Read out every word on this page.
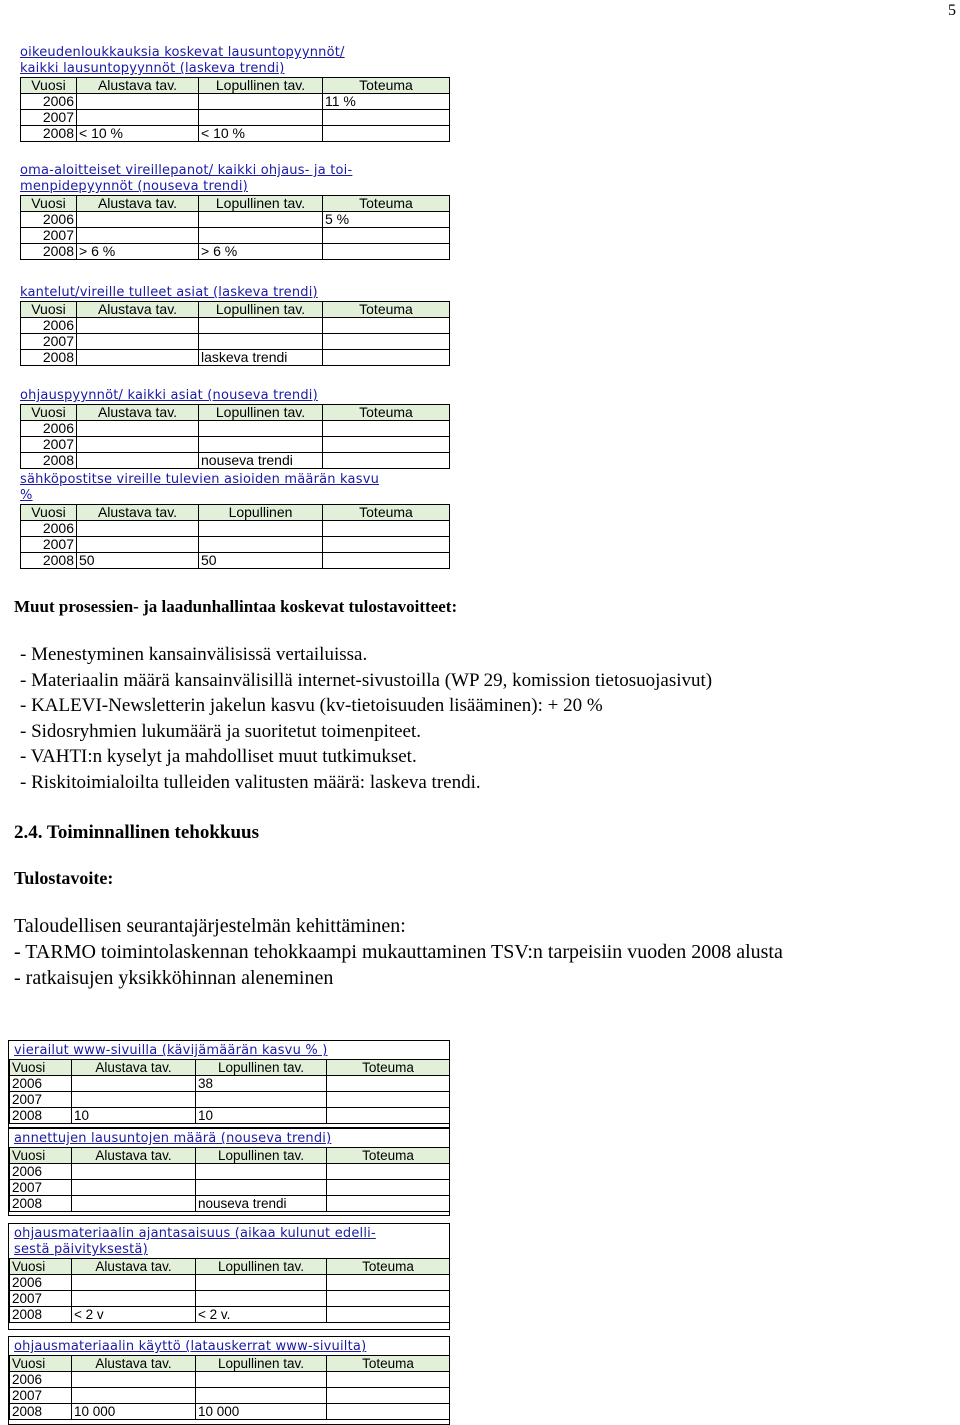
5
oikeudenloukkauksia koskevat lausuntopyynnöt/
kaikki lausuntopyynnöt (laskeva trendi)
Vuosi	Alustava tav.	Lopullinen tav.	Toteuma
2006			11 %
2007			
2008	< 10 %	< 10 %	
oma-aloitteiset vireillepanot/ kaikki ohjaus- ja toi-
menpidepyynnöt (nouseva trendi)
Vuosi	Alustava tav.	Lopullinen tav.	Toteuma
2006			5 %
2007			
2008	> 6 %	> 6 %	
kantelut/vireille tulleet asiat (laskeva trendi)
Vuosi	Alustava tav.	Lopullinen tav.	Toteuma
2006			
2007			
2008		laskeva trendi	
ohjauspyynnöt/ kaikki asiat (nouseva trendi)
Vuosi	Alustava tav.	Lopullinen tav.	Toteuma
2006			
2007			
2008		nouseva trendi	
sähköpostitse vireille tulevien asioiden määrän kasvu
%
Vuosi	Alustava tav.	Lopullinen	Toteuma
2006			
2007			
2008	50	50	
Muut prosessien- ja laadunhallintaa koskevat tulostavoitteet:
- Menestyminen kansainvälisissä vertailuissa.
- Materiaalin määrä kansainvälisillä internet-sivustoilla (WP 29, komission tietosuojasivut)
- KALEVI-Newsletterin jakelun kasvu (kv-tietoisuuden lisääminen): + 20 %
- Sidosryhmien lukumäärä ja suoritetut toimenpiteet.
- VAHTI:n kyselyt ja mahdolliset muut tutkimukset.
- Riskitoimialoilta tulleiden valitusten määrä: laskeva trendi.
2.4. Toiminnallinen tehokkuus
Tulostavoite:
Taloudellisen seurantajärjestelmän kehittäminen:
- TARMO toimintolaskennan tehokkaampi mukauttaminen TSV:n tarpeisiin vuoden 2008 alusta
- ratkaisujen yksikköhinnan aleneminen
vierailut www-sivuilla (kävijämäärän kasvu % )
Vuosi	Alustava tav.	Lopullinen tav.	Toteuma
2006		38	
2007			
2008	10	10	
annettujen lausuntojen määrä (nouseva trendi)
Vuosi	Alustava tav.	Lopullinen tav.	Toteuma
2006			
2007			
2008		nouseva trendi	
ohjausmateriaalin ajantasaisuus (aikaa kulunut edelli-
sestä päivityksestä)
Vuosi	Alustava tav.	Lopullinen tav.	Toteuma
2006			
2007			
2008	< 2 v	< 2 v.	
ohjausmateriaalin käyttö (latauskerrat www-sivuilta)
Vuosi	Alustava tav.	Lopullinen tav.	Toteuma
2006			
2007			
2008	10 000	10 000	
